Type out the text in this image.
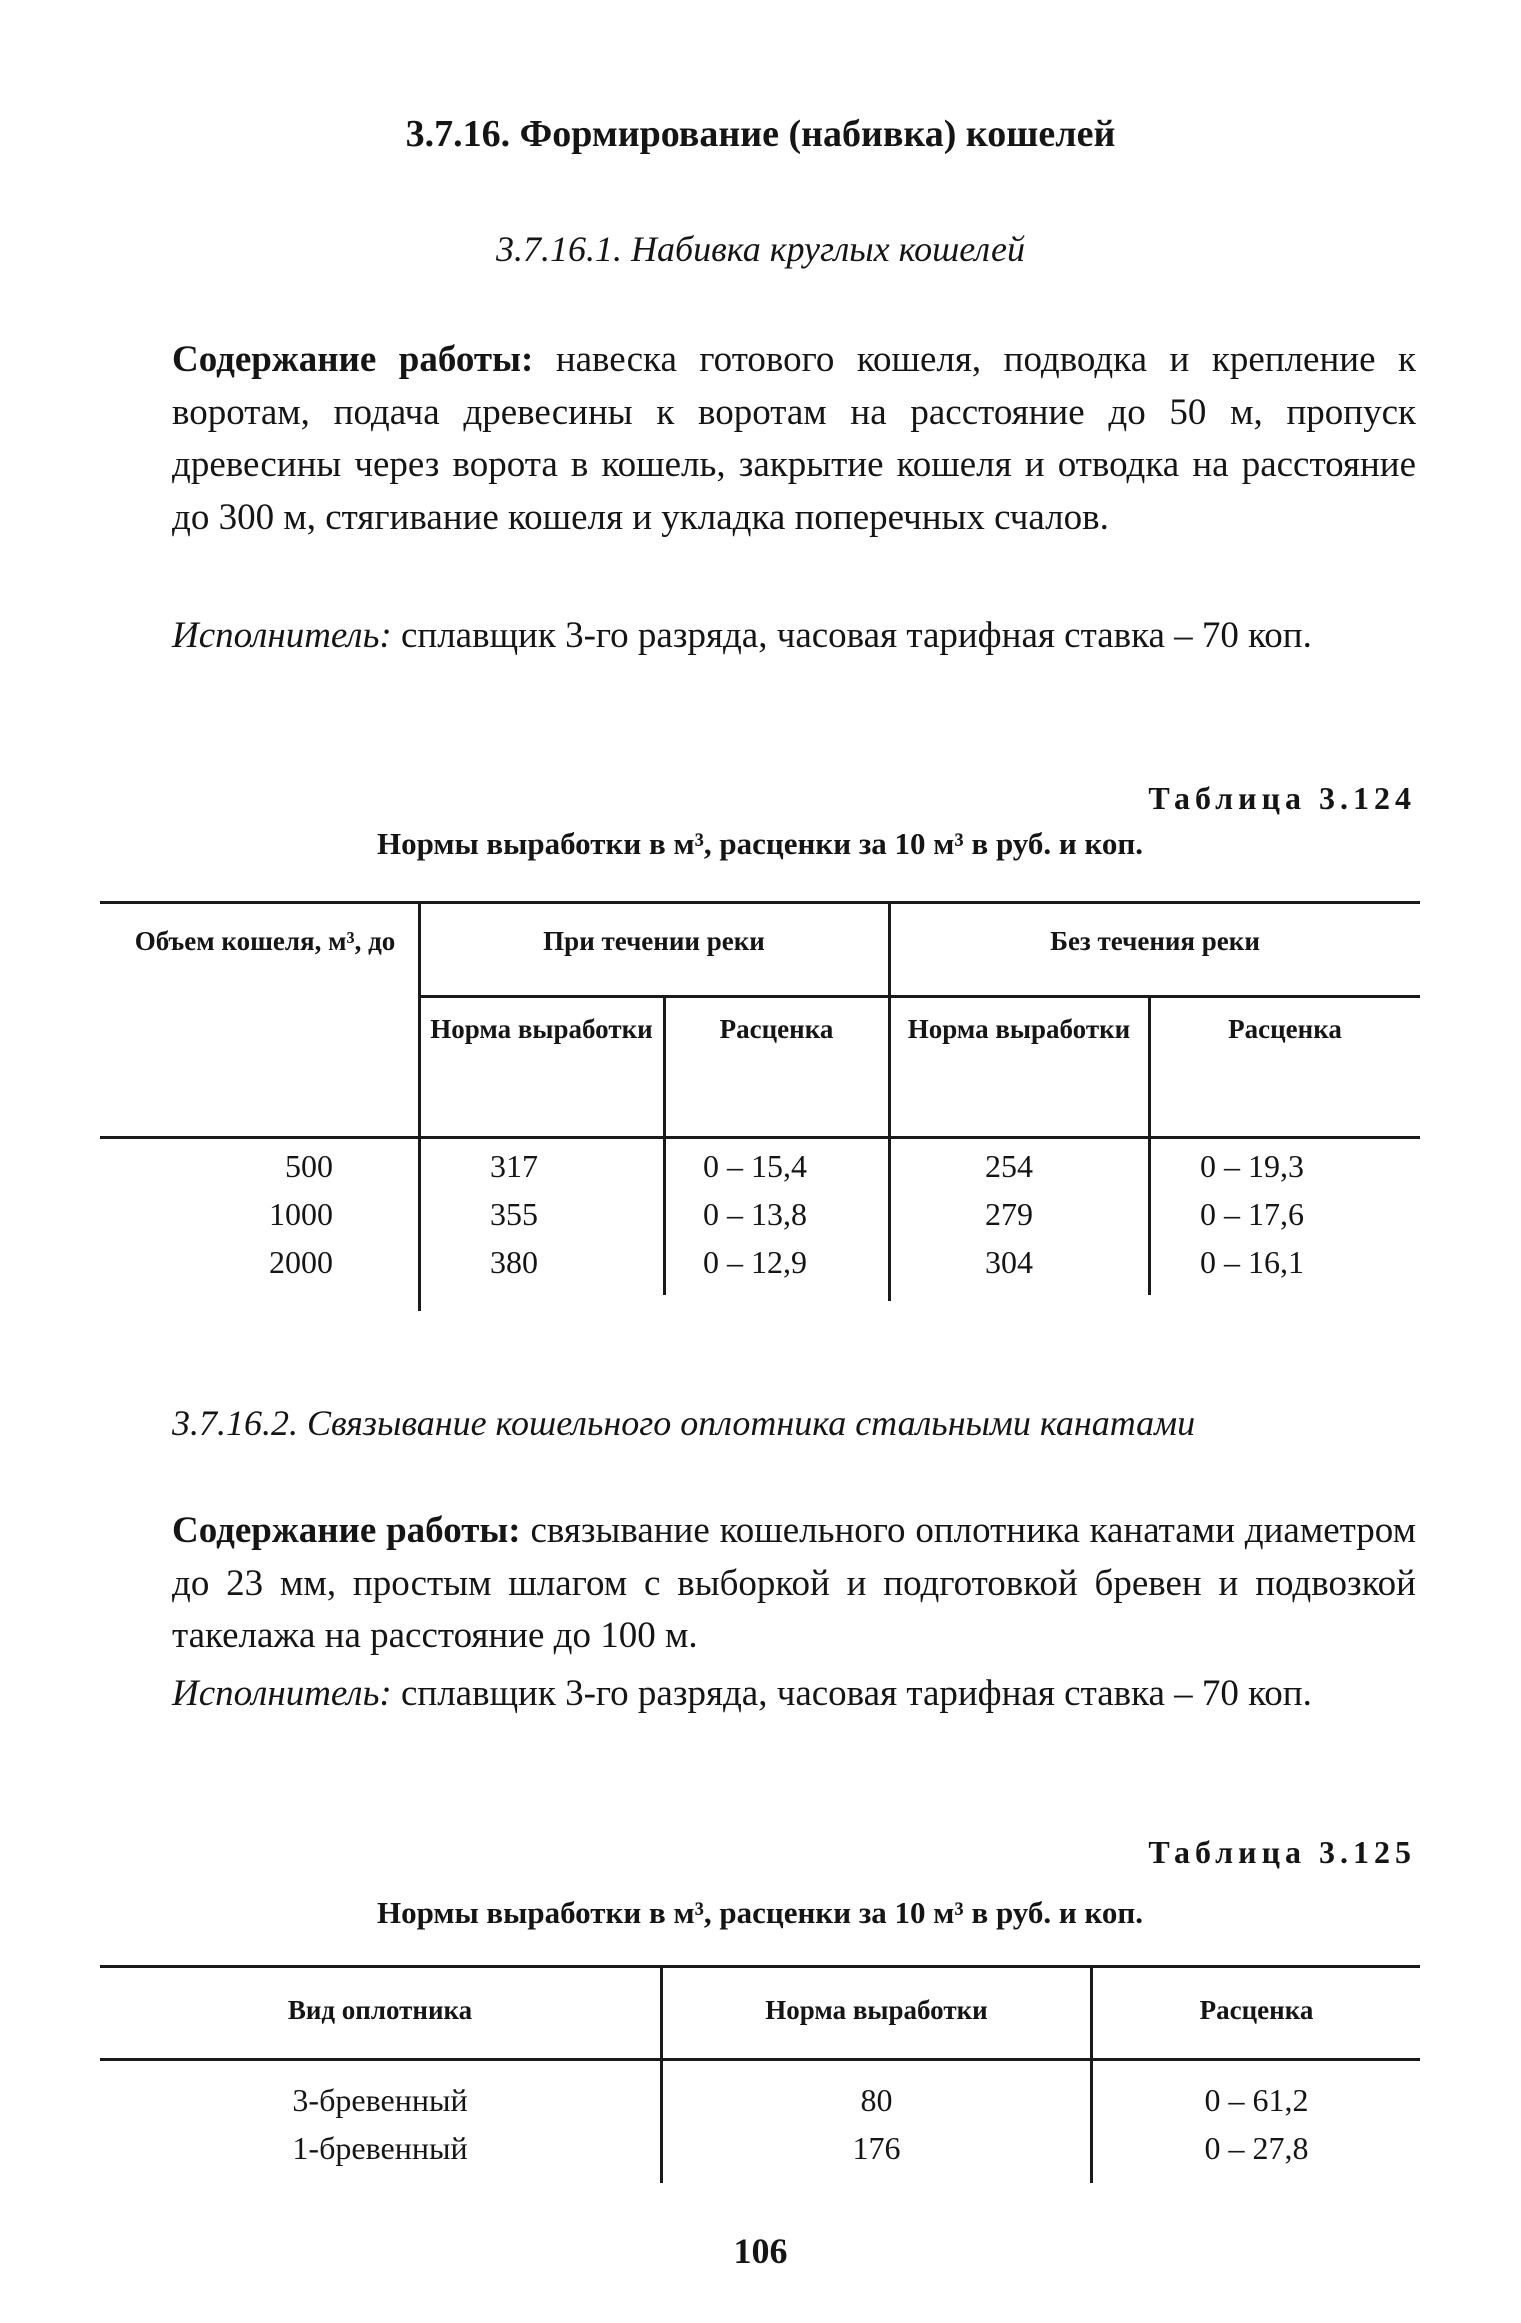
3.7.16. Формирование (набивка) кошелей
3.7.16.1. Набивка круглых кошелей
Содержание работы: навеска готового кошеля, подводка и крепление к воротам, подача древесины к воротам на расстояние до 50 м, пропуск древесины через ворота в кошель, закрытие кошеля и отводка на расстояние до 300 м, стягивание кошеля и укладка поперечных счалов.
Исполнитель: сплавщик 3-го разряда, часовая тарифная ставка – 70 коп.
Таблица 3.124
Нормы выработки в м³, расценки за 10 м³ в руб. и коп.
Объем кошеля, м³, до	При течении реки	Без течения реки
Норма выработки	Расценка	Норма выработки	Расценка
500	317	0 – 15,4	254	0 – 19,3
1000	355	0 – 13,8	279	0 – 17,6
2000	380	0 – 12,9	304	0 – 16,1
3.7.16.2. Связывание кошельного оплотника стальными канатами
Содержание работы: связывание кошельного оплотника канатами диаметром до 23 мм, простым шлагом с выборкой и подготовкой бревен и подвозкой такелажа на расстояние до 100 м.
Исполнитель: сплавщик 3-го разряда, часовая тарифная ставка – 70 коп.
Таблица 3.125
Нормы выработки в м³, расценки за 10 м³ в руб. и коп.
Вид оплотника	Норма выработки	Расценка
3-бревенный	80	0 – 61,2
1-бревенный	176	0 – 27,8
106
